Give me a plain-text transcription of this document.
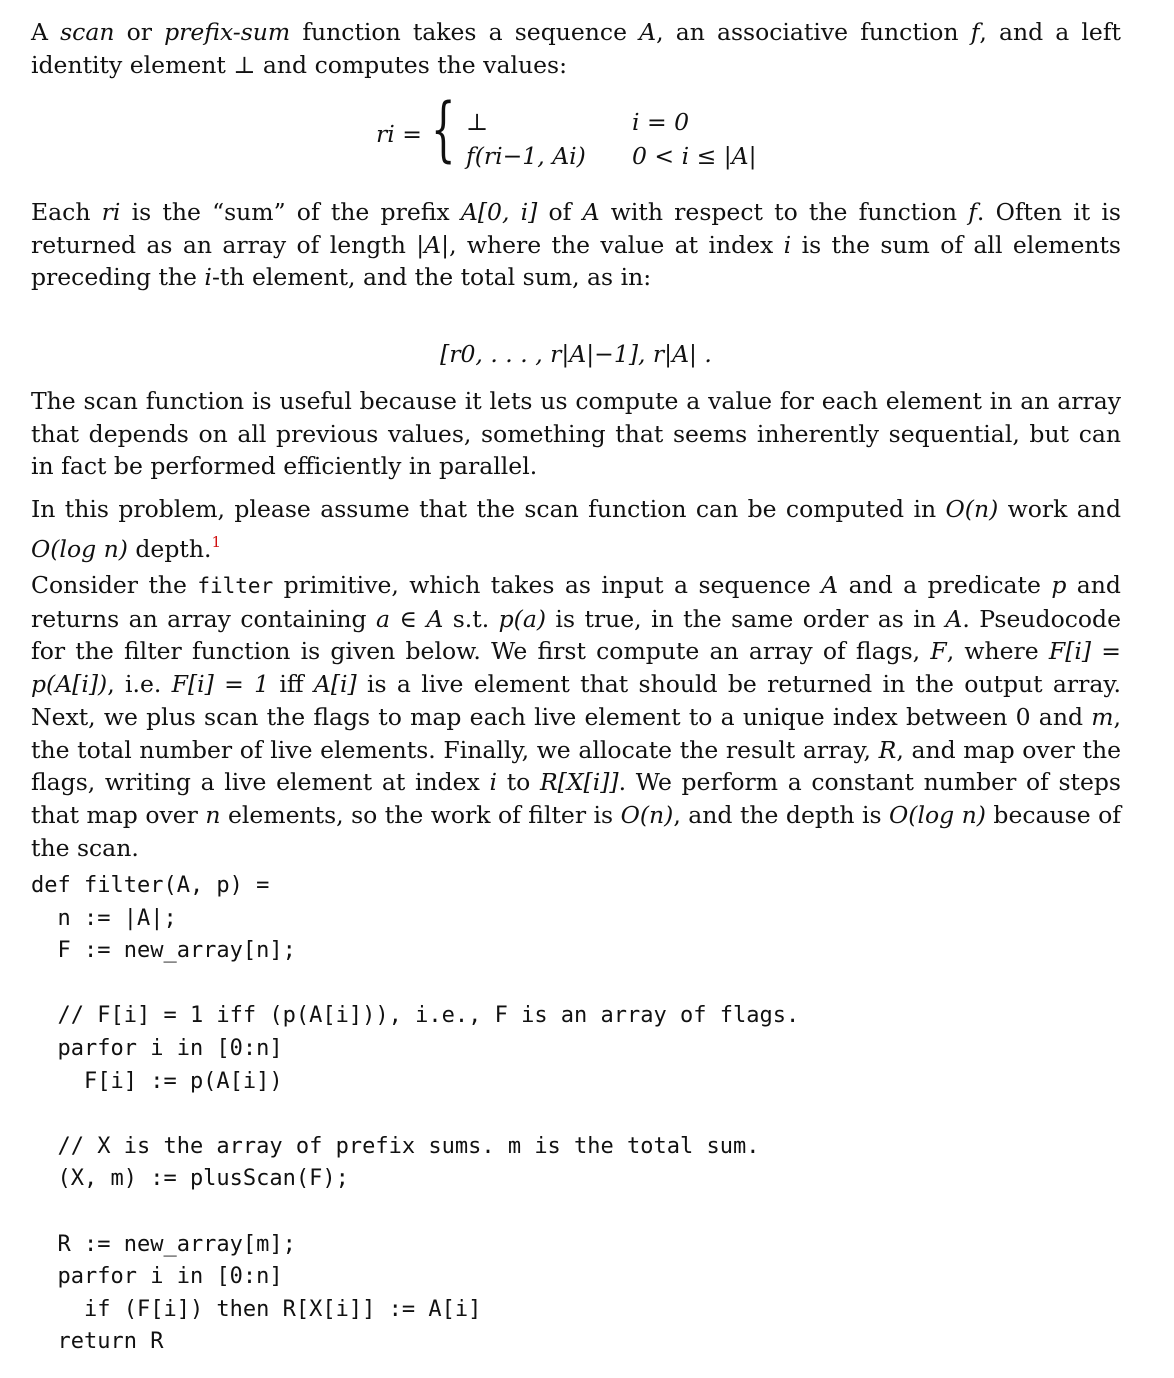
A scan or prefix-sum function takes a sequence A, an associative function f, and a left identity element ⊥ and computes the values:

ri = { ⊥	i = 0
f(ri−1, Ai) 0 < i ≤ |A|

Each ri is the “sum” of the prefix A[0, i] of A with respect to the function f. Often it is returned as an array of length |A|, where the value at index i is the sum of all elements preceding the i-th element, and the total sum, as in:

[r0, . . . , r|A|−1], r|A| .

The scan function is useful because it lets us compute a value for each element in an array that depends on all previous values, something that seems inherently sequential, but can in fact be performed efficiently in parallel.

In this problem, please assume that the scan function can be computed in O(n) work and O(log n) depth.$^1$

Consider the filter primitive, which takes as input a sequence A and a predicate p and returns an array containing a ∈ A s.t. p(a) is true, in the same order as in A. Pseudocode for the filter function is given below. We first compute an array of flags, F, where F[i] = p(A[i]), i.e. F[i] = 1 iff A[i] is a live element that should be returned in the output array. Next, we plus scan the flags to map each live element to a unique index between 0 and m, the total number of live elements. Finally, we allocate the result array, R, and map over the flags, writing a live element at index i to R[X[i]]. We perform a constant number of steps that map over n elements, so the work of filter is O(n), and the depth is O(log n) because of the scan.

def filter(A, p) =
n := |A|;
F := new_array[n];

// F[i] = 1 iff (p(A[i])), i.e., F is an array of flags.
parfor i in [0:n]
F[i] := p(A[i])

// X is the array of prefix sums. m is the total sum.
(X, m) := plusScan(F);

R := new_array[m];
parfor i in [0:n]
if (F[i]) then R[X[i]] := A[i]
return R
